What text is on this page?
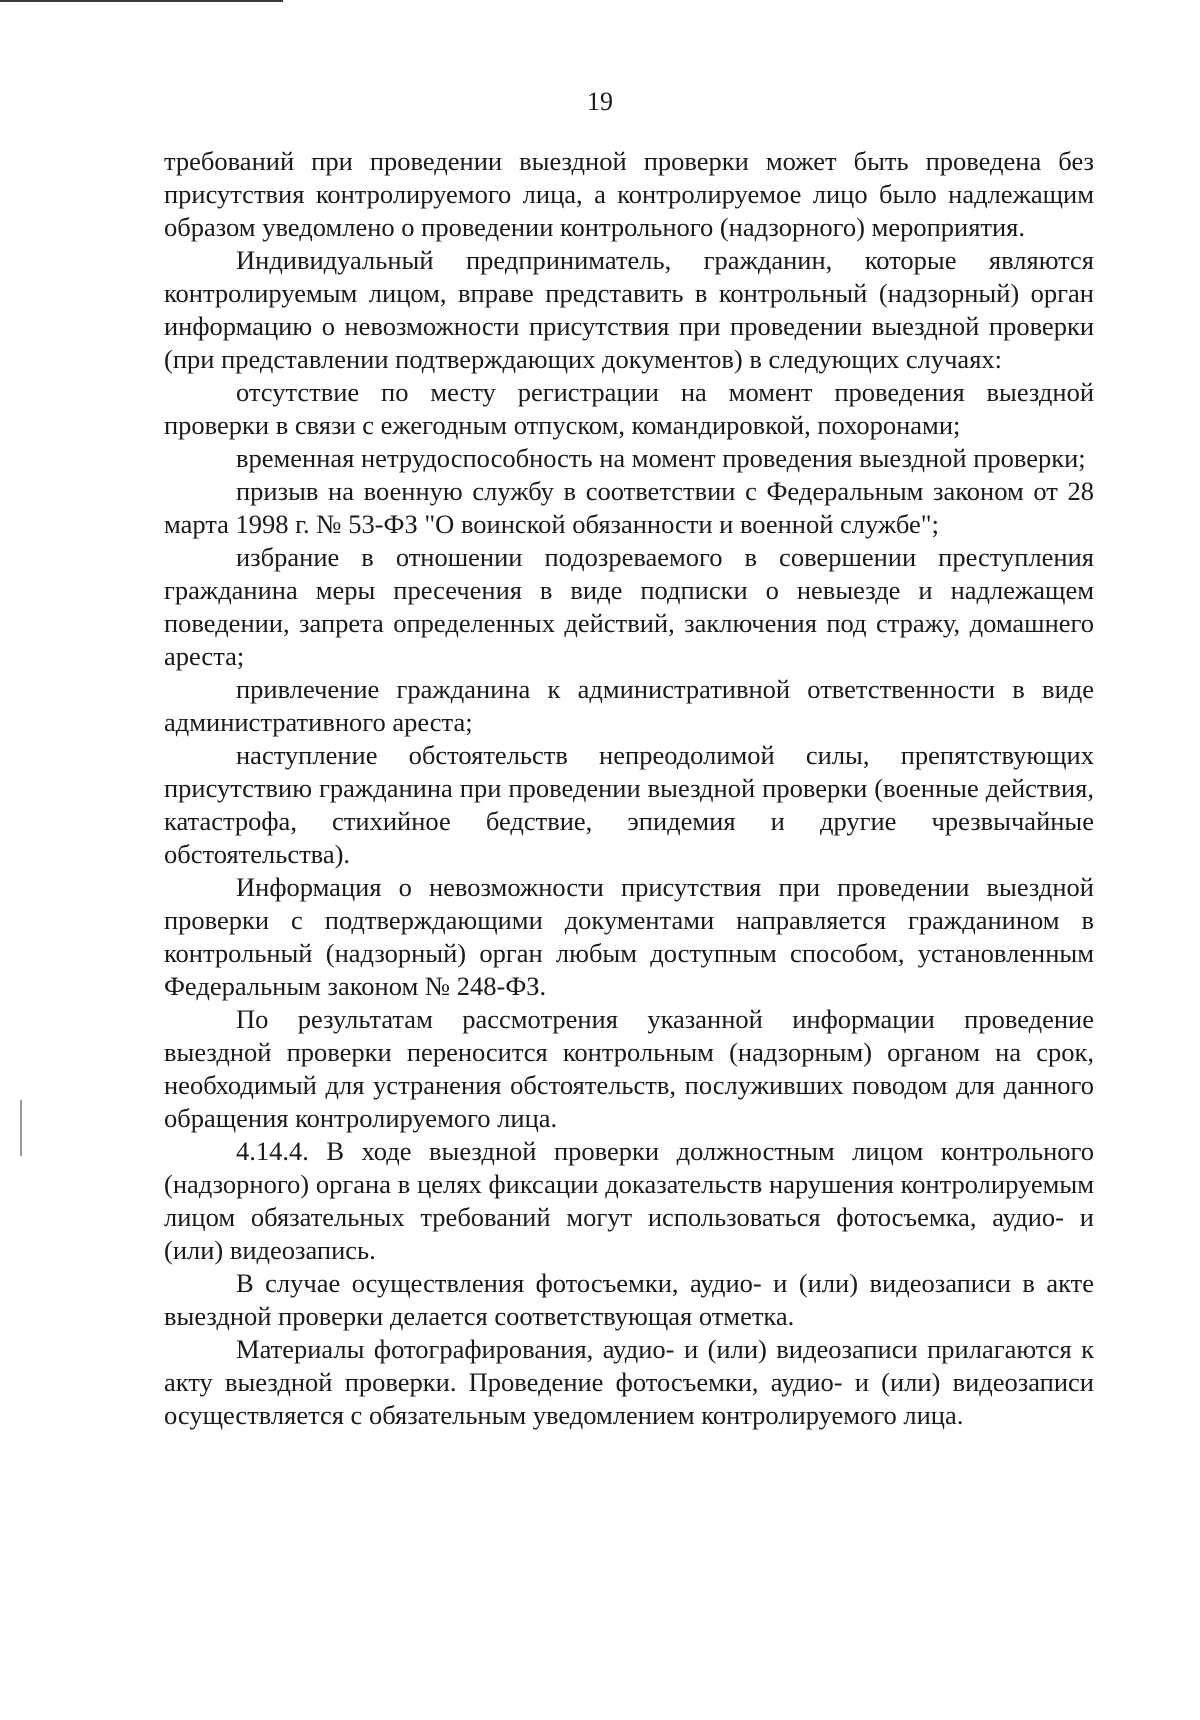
19

требований при проведении выездной проверки может быть проведена без присутствия контролируемого лица, а контролируемое лицо было надлежащим образом уведомлено о проведении контрольного (надзорного) мероприятия.

Индивидуальный предприниматель, гражданин, которые являются контролируемым лицом, вправе представить в контрольный (надзорный) орган информацию о невозможности присутствия при проведении выездной проверки (при представлении подтверждающих документов) в следующих случаях:

отсутствие по месту регистрации на момент проведения выездной проверки в связи с ежегодным отпуском, командировкой, похоронами;

временная нетрудоспособность на момент проведения выездной проверки;

призыв на военную службу в соответствии с Федеральным законом от 28 марта 1998 г. № 53-ФЗ "О воинской обязанности и военной службе";

избрание в отношении подозреваемого в совершении преступления гражданина меры пресечения в виде подписки о невыезде и надлежащем поведении, запрета определенных действий, заключения под стражу, домашнего ареста;

привлечение гражданина к административной ответственности в виде административного ареста;

наступление обстоятельств непреодолимой силы, препятствующих присутствию гражданина при проведении выездной проверки (военные действия, катастрофа, стихийное бедствие, эпидемия и другие чрезвычайные обстоятельства).

Информация о невозможности присутствия при проведении выездной проверки с подтверждающими документами направляется гражданином в контрольный (надзорный) орган любым доступным способом, установленным Федеральным законом № 248-ФЗ.

По результатам рассмотрения указанной информации проведение выездной проверки переносится контрольным (надзорным) органом на срок, необходимый для устранения обстоятельств, послуживших поводом для данного обращения контролируемого лица.

4.14.4. В ходе выездной проверки должностным лицом контрольного (надзорного) органа в целях фиксации доказательств нарушения контролируемым лицом обязательных требований могут использоваться фотосъемка, аудио- и (или) видеозапись.

В случае осуществления фотосъемки, аудио- и (или) видеозаписи в акте выездной проверки делается соответствующая отметка.

Материалы фотографирования, аудио- и (или) видеозаписи прилагаются к акту выездной проверки. Проведение фотосъемки, аудио- и (или) видеозаписи осуществляется с обязательным уведомлением контролируемого лица.
